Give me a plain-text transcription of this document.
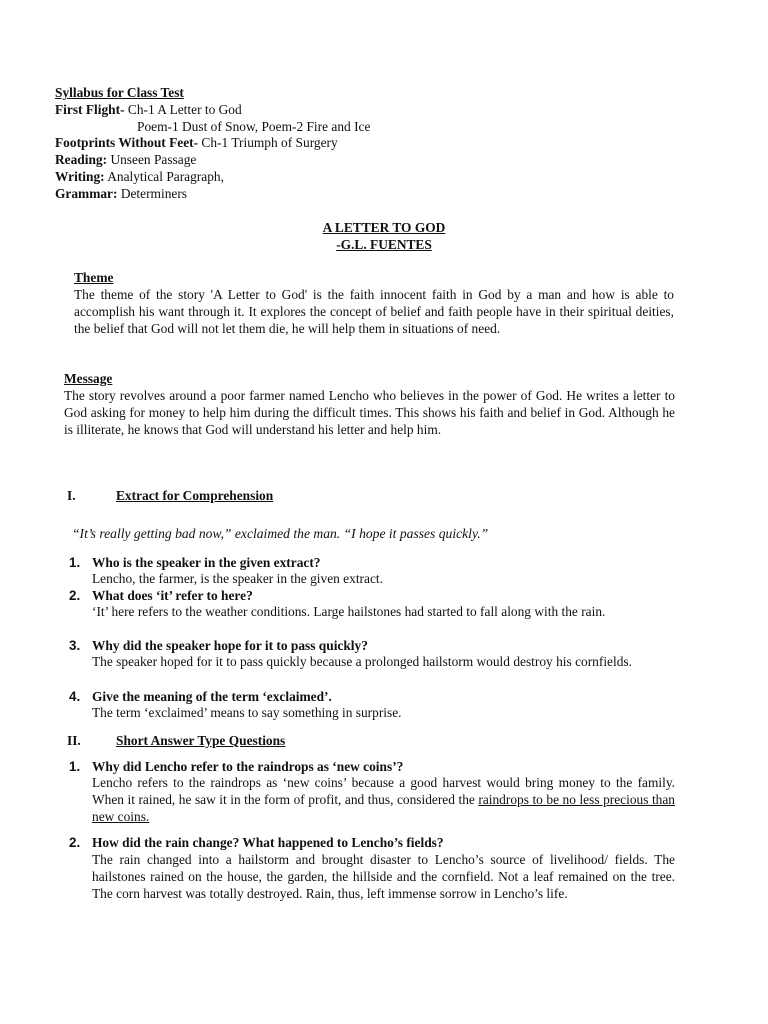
Syllabus for Class Test
First Flight- Ch-1 A Letter to God
Poem-1 Dust of Snow, Poem-2 Fire and Ice
Footprints Without Feet- Ch-1 Triumph of Surgery
Reading: Unseen Passage
Writing: Analytical Paragraph,
Grammar: Determiners
A LETTER TO GOD
-G.L. FUENTES
Theme
The theme of the story 'A Letter to God' is the faith innocent faith in God by a man and how is able to accomplish his want through it. It explores the concept of belief and faith people have in their spiritual deities, the belief that God will not let them die, he will help them in situations of need.
Message
The story revolves around a poor farmer named Lencho who believes in the power of God. He writes a letter to God asking for money to help him during the difficult times. This shows his faith and belief in God. Although he is illiterate, he knows that God will understand his letter and help him.
I.	Extract for Comprehension
“It’s really getting bad now,” exclaimed the man. “I hope it passes quickly.”
1. Who is the speaker in the given extract?
Lencho, the farmer, is the speaker in the given extract.
2. What does ‘it’ refer to here?
‘It’ here refers to the weather conditions. Large hailstones had started to fall along with the rain.
3. Why did the speaker hope for it to pass quickly?
The speaker hoped for it to pass quickly because a prolonged hailstorm would destroy his cornfields.
4. Give the meaning of the term ‘exclaimed’.
The term ‘exclaimed’ means to say something in surprise.
II.	Short Answer Type Questions
1. Why did Lencho refer to the raindrops as ‘new coins’?
Lencho refers to the raindrops as ‘new coins’ because a good harvest would bring money to the family. When it rained, he saw it in the form of profit, and thus, considered the raindrops to be no less precious than new coins.
2. How did the rain change? What happened to Lencho’s fields?
The rain changed into a hailstorm and brought disaster to Lencho’s source of livelihood/ fields. The hailstones rained on the house, the garden, the hillside and the cornfield. Not a leaf remained on the tree. The corn harvest was totally destroyed. Rain, thus, left immense sorrow in Lencho’s life.
